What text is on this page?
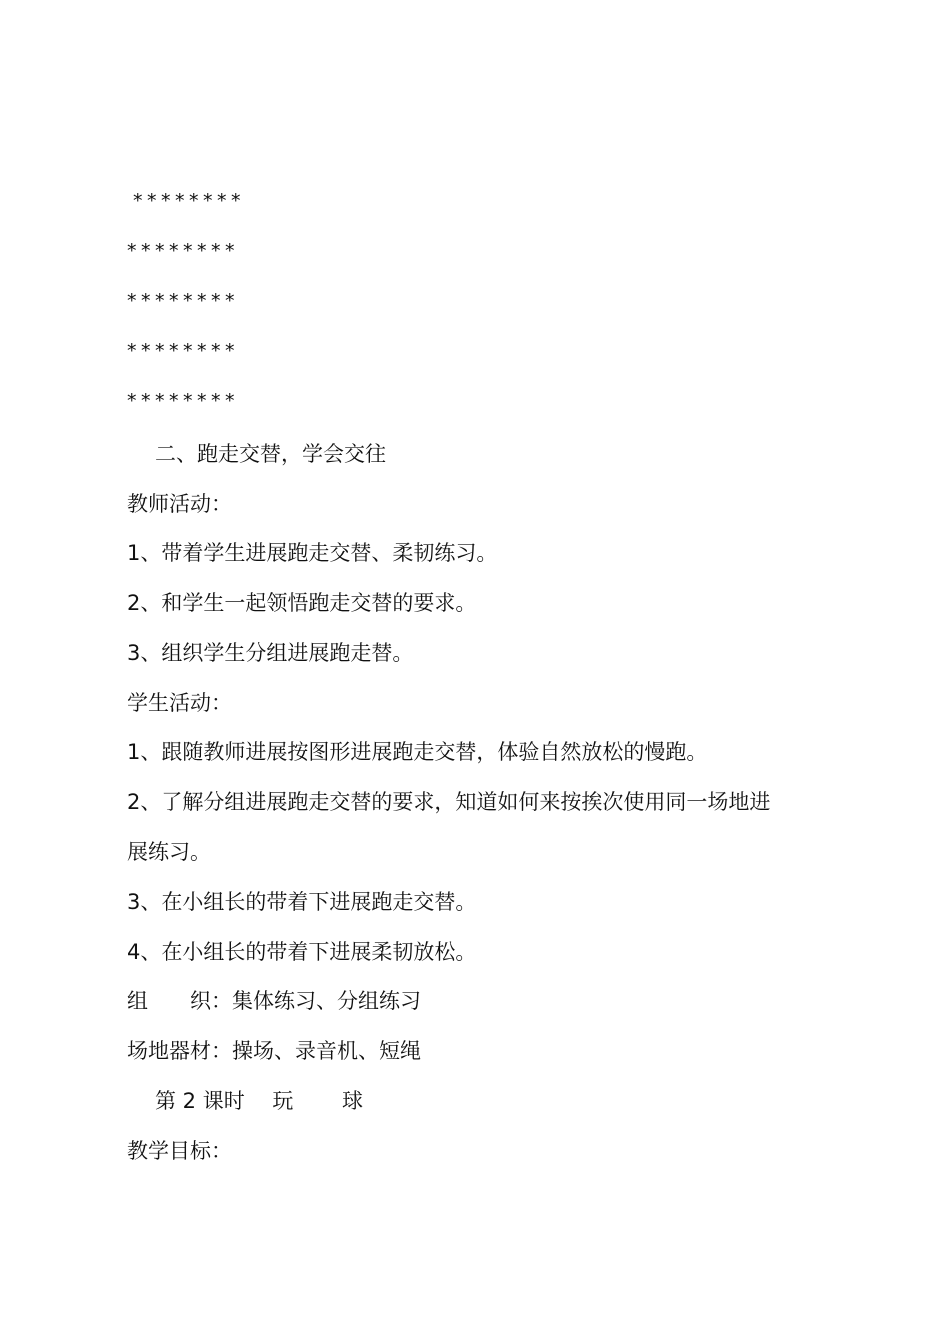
********
********
********
********
********
二、跑走交替，学会交往
教师活动：
1、带着学生进展跑走交替、柔韧练习。
2、和学生一起领悟跑走交替的要求。
3、组织学生分组进展跑走替。
学生活动：
1、跟随教师进展按图形进展跑走交替，体验自然放松的慢跑。
2、了解分组进展跑走交替的要求，知道如何来按挨次使用同一场地进
展练习。
3、在小组长的带着下进展跑走交替。
4、在小组长的带着下进展柔韧放松。
组　　织：集体练习、分组练习
场地器材：操场、录音机、短绳
第 2 课时　 玩　　 球
教学目标：
